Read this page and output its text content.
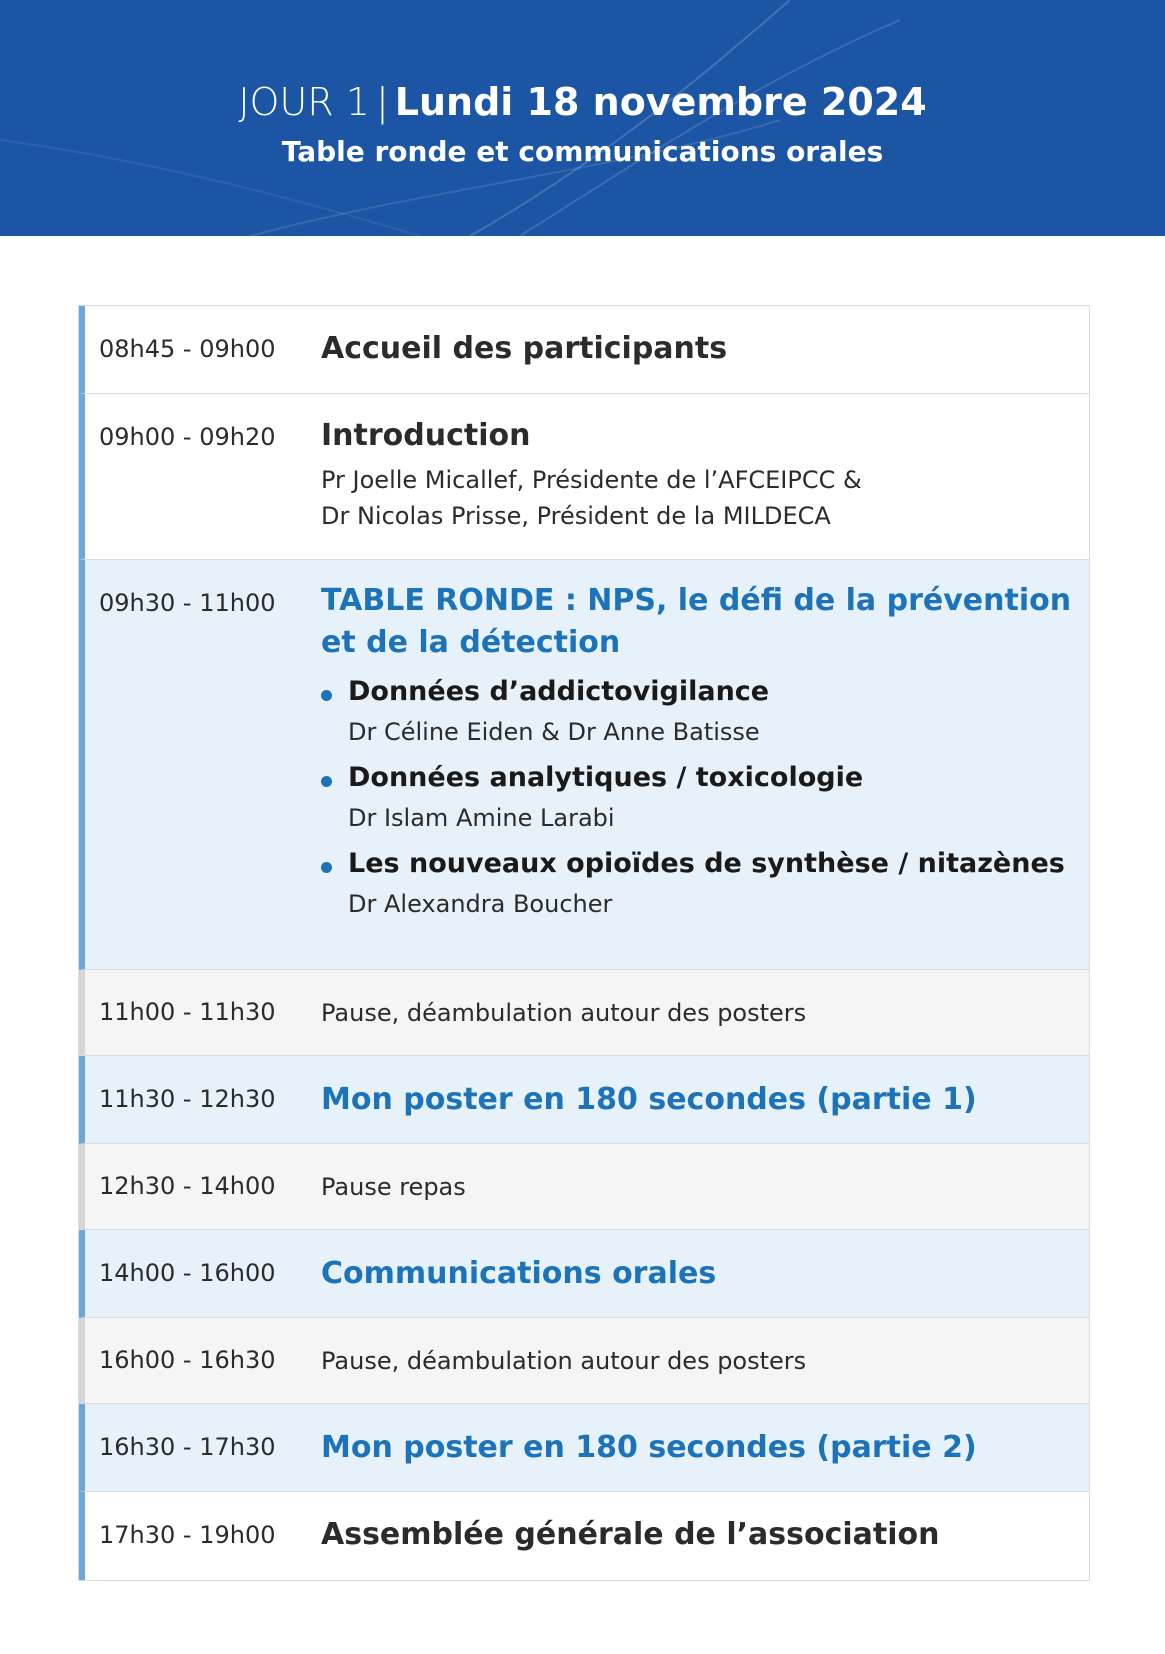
JOUR 1 | Lundi 18 novembre 2024
Table ronde et communications orales
08h45 - 09h00 Accueil des participants
09h00 - 09h20 Introduction
Pr Joelle Micallef, Présidente de l’AFCEIPCC &
Dr Nicolas Prisse, Président de la MILDECA
09h30 - 11h00 TABLE RONDE : NPS, le défi de la prévention
et de la détection
Données d’addictovigilance
Dr Céline Eiden & Dr Anne Batisse
Données analytiques / toxicologie
Dr Islam Amine Larabi
Les nouveaux opioïdes de synthèse / nitazènes
Dr Alexandra Boucher
11h00 - 11h30 Pause, déambulation autour des posters
11h30 - 12h30 Mon poster en 180 secondes (partie 1)
12h30 - 14h00 Pause repas
14h00 - 16h00 Communications orales
16h00 - 16h30 Pause, déambulation autour des posters
16h30 - 17h30 Mon poster en 180 secondes (partie 2)
17h30 - 19h00 Assemblée générale de l’association
